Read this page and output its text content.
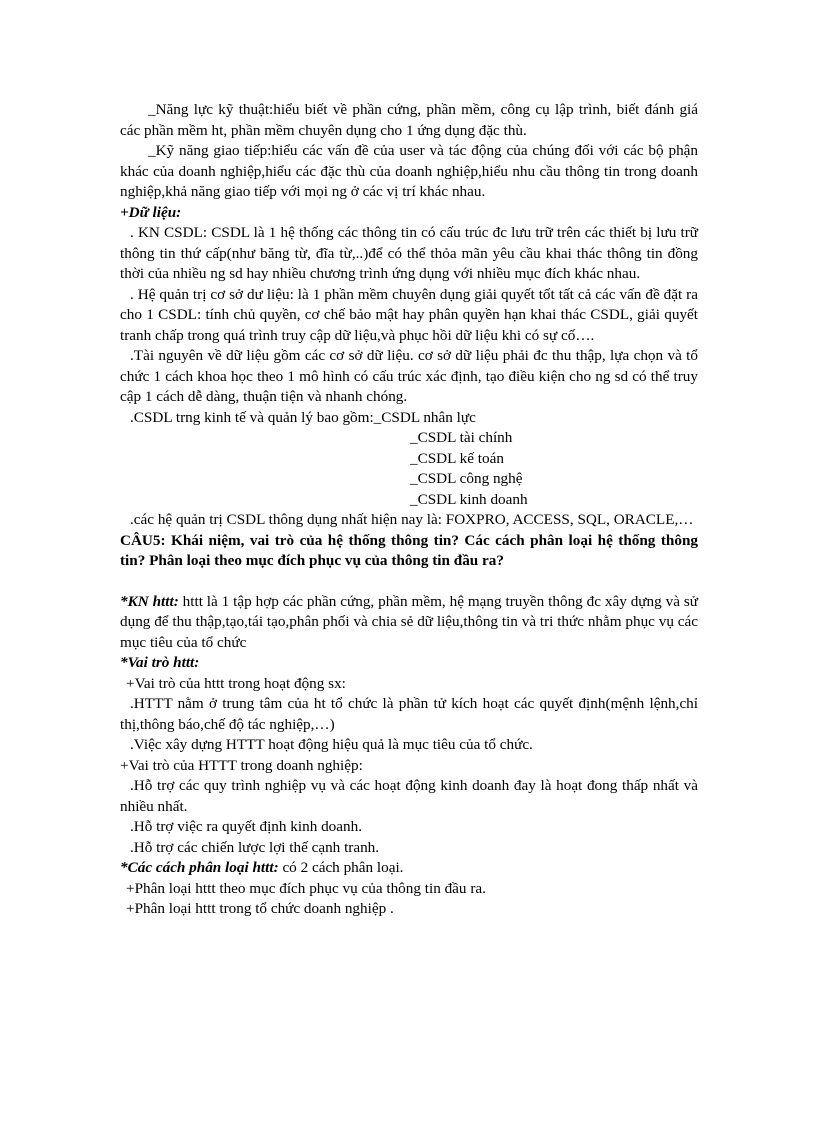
_Năng lực kỹ thuật:hiểu biết về phần cứng, phần mềm, công cụ lập trình, biết đánh giá các phần mềm ht, phần mềm chuyên dụng cho 1 ứng dụng đặc thù.

_Kỹ năng giao tiếp:hiểu các vấn đề của user và tác động của chúng đối với các bộ phận khác của doanh nghiệp,hiểu các đặc thù của doanh nghiệp,hiểu nhu cầu thông tin trong doanh nghiệp,khả năng giao tiếp với mọi ng ở các vị trí khác nhau.

+Dữ liệu:

. KN CSDL: CSDL là 1 hệ thống các thông tin có cấu trúc đc lưu trữ trên các thiết bị lưu trữ thông tin thứ cấp(như băng từ, đĩa từ,..)để có thể thỏa mãn yêu cầu khai thác thông tin đồng thời của nhiều ng sd hay nhiều chương trình ứng dụng với nhiều mục đích khác nhau.

. Hệ quản trị cơ sở dư liệu: là 1 phần mềm chuyên dụng giải quyết tốt tất cả các vấn đề đặt ra cho 1 CSDL: tính chủ quyền, cơ chế bảo mật hay phân quyền hạn khai thác CSDL, giải quyết tranh chấp trong quá trình truy cập dữ liệu,và phục hồi dữ liệu khi có sự cố….

.Tài nguyên về dữ liệu gồm các cơ sở dữ liệu. cơ sở dữ liệu phải đc thu thập, lựa chọn và tổ chức 1 cách khoa học theo 1 mô hình có cấu trúc xác định, tạo điều kiện cho ng sd có thể truy cập 1 cách dễ dàng, thuận tiện và nhanh chóng.

.CSDL trng kinh tế và quản lý bao gồm:_CSDL nhân lực

_CSDL tài chính
_CSDL kế toán
_CSDL công nghệ
_CSDL kinh doanh

.các hệ quản trị CSDL thông dụng nhất hiện nay là: FOXPRO, ACCESS, SQL, ORACLE,…

CÂU5: Khái niệm, vai trò của hệ thống thông tin? Các cách phân loại hệ thống thông tin? Phân loại theo mục đích phục vụ của thông tin đầu ra?

*KN httt: httt là 1 tập hợp các phần cứng, phần mềm, hệ mạng truyền thông đc xây dựng và sử dụng để thu thập,tạo,tái tạo,phân phối và chia sẻ dữ liệu,thông tin và tri thức nhằm phục vụ các mục tiêu của tổ chức

*Vai trò httt:

+Vai trò của httt trong hoạt động sx:

.HTTT nằm ở trung tâm của ht tổ chức là phần tử kích hoạt các quyết định(mệnh lệnh,chỉ thị,thông báo,chế độ tác nghiệp,…)

.Việc xây dựng HTTT hoạt động hiệu quả là mục tiêu của tổ chức.

+Vai trò của HTTT trong doanh nghiệp:

.Hỗ trợ các quy trình nghiệp vụ và các hoạt động kinh doanh đay là hoạt đong thấp nhất và nhiều nhất.

.Hỗ trợ việc ra quyết định kinh doanh.

.Hỗ trợ các chiến lược lợi thế cạnh tranh.

*Các cách phân loại httt: có 2 cách phân loại.

+Phân loại httt theo mục đích phục vụ của thông tin đầu ra.

+Phân loại httt trong tổ chức doanh nghiệp .
